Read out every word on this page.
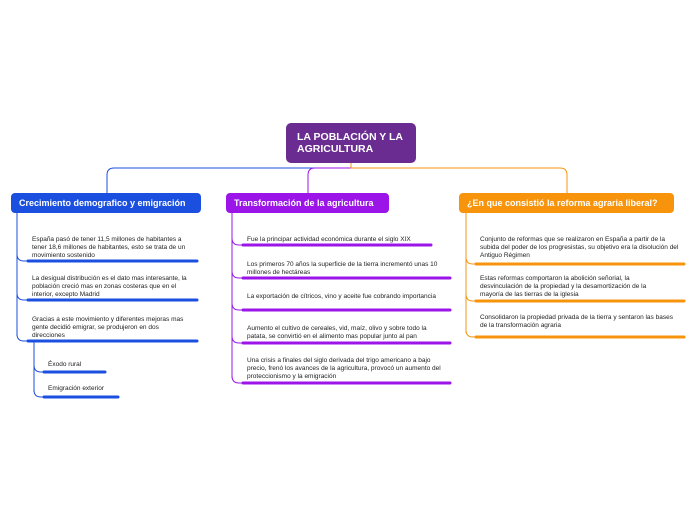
LA POBLACIÓN Y LA AGRICULTURA
Crecimiento demografico y emigración	Transformación de la agricultura	¿En que consistió la reforma agraria liberal?
España pasó de tener 11,5 millones de habitantes a tener 18,6 millones de habitantes, esto se trata de un movimiento sostenido
La desigual distribución es el dato mas interesante, la población creció mas en zonas costeras que en el interior, excepto Madrid
Gracias a este movimiento y diferentes mejoras mas gente decidió emigrar, se produjeron en dos direcciones
Éxodo rural
Emigración exterior
Fue la principar actividad económica durante el siglo XIX
Los primeros 70 años la superficie de la tierra incrementó unas 10 millones de hectáreas
La exportación de cítricos, vino y aceite fue cobrando importancia
Aumento el cultivo de cereales, vid, maíz, olivo y sobre todo la patata, se convirtió en el alimento mas popular junto al pan
Una crisis a finales del siglo derivada del trigo americano a bajo precio, frenó los avances de la agricultura, provocó un aumento del proteccionismo y la emigración
Conjunto de reformas que se realizaron en España a partir de la subida del poder de los progresistas, su objetivo era la disolución del Antiguo Régimen
Estas reformas comportaron la abolición señorial, la desvinculación de la propiedad y la desamortización de la mayoría de las tierras de la iglesia
Consolidaron la propiedad privada de la tierra y sentaron las bases de la transformación agraria
